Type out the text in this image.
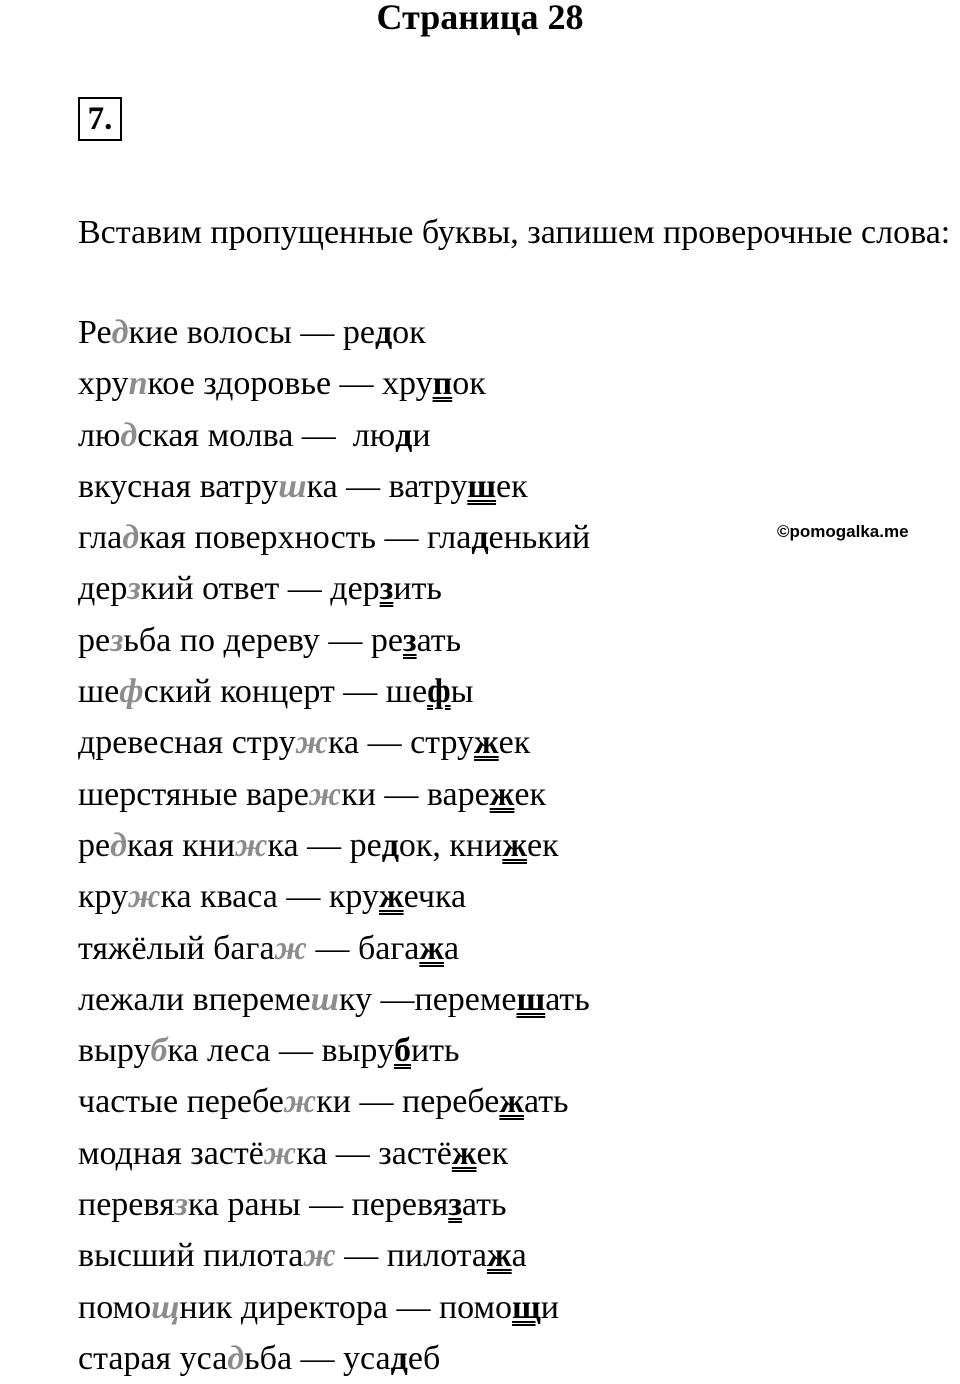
Страница 28
7.

Вставим пропущенные буквы, запишем проверочные слова:

Редкие волосы — редок
хрупкое здоровье — хрупок
людская молва —  люди
вкусная ватрушка — ватрушек
гладкая поверхность — гладенький
дерзкий ответ — дерзить
резьба по дереву — резать
шефский концерт — шефы
древесная стружка — стружек
шерстяные варежки — варежек
редкая книжка — редок, книжек
кружка кваса — кружечка
тяжёлый багаж — багажа
лежали вперемешку —перемешать
вырубка леса — вырубить
частые перебежки — перебежать
модная застёжка — застёжек
перевязка раны — перевязать
высший пилотаж — пилотажа
помощник директора — помощи
старая усадьба — усадеб
©pomogalka.me
